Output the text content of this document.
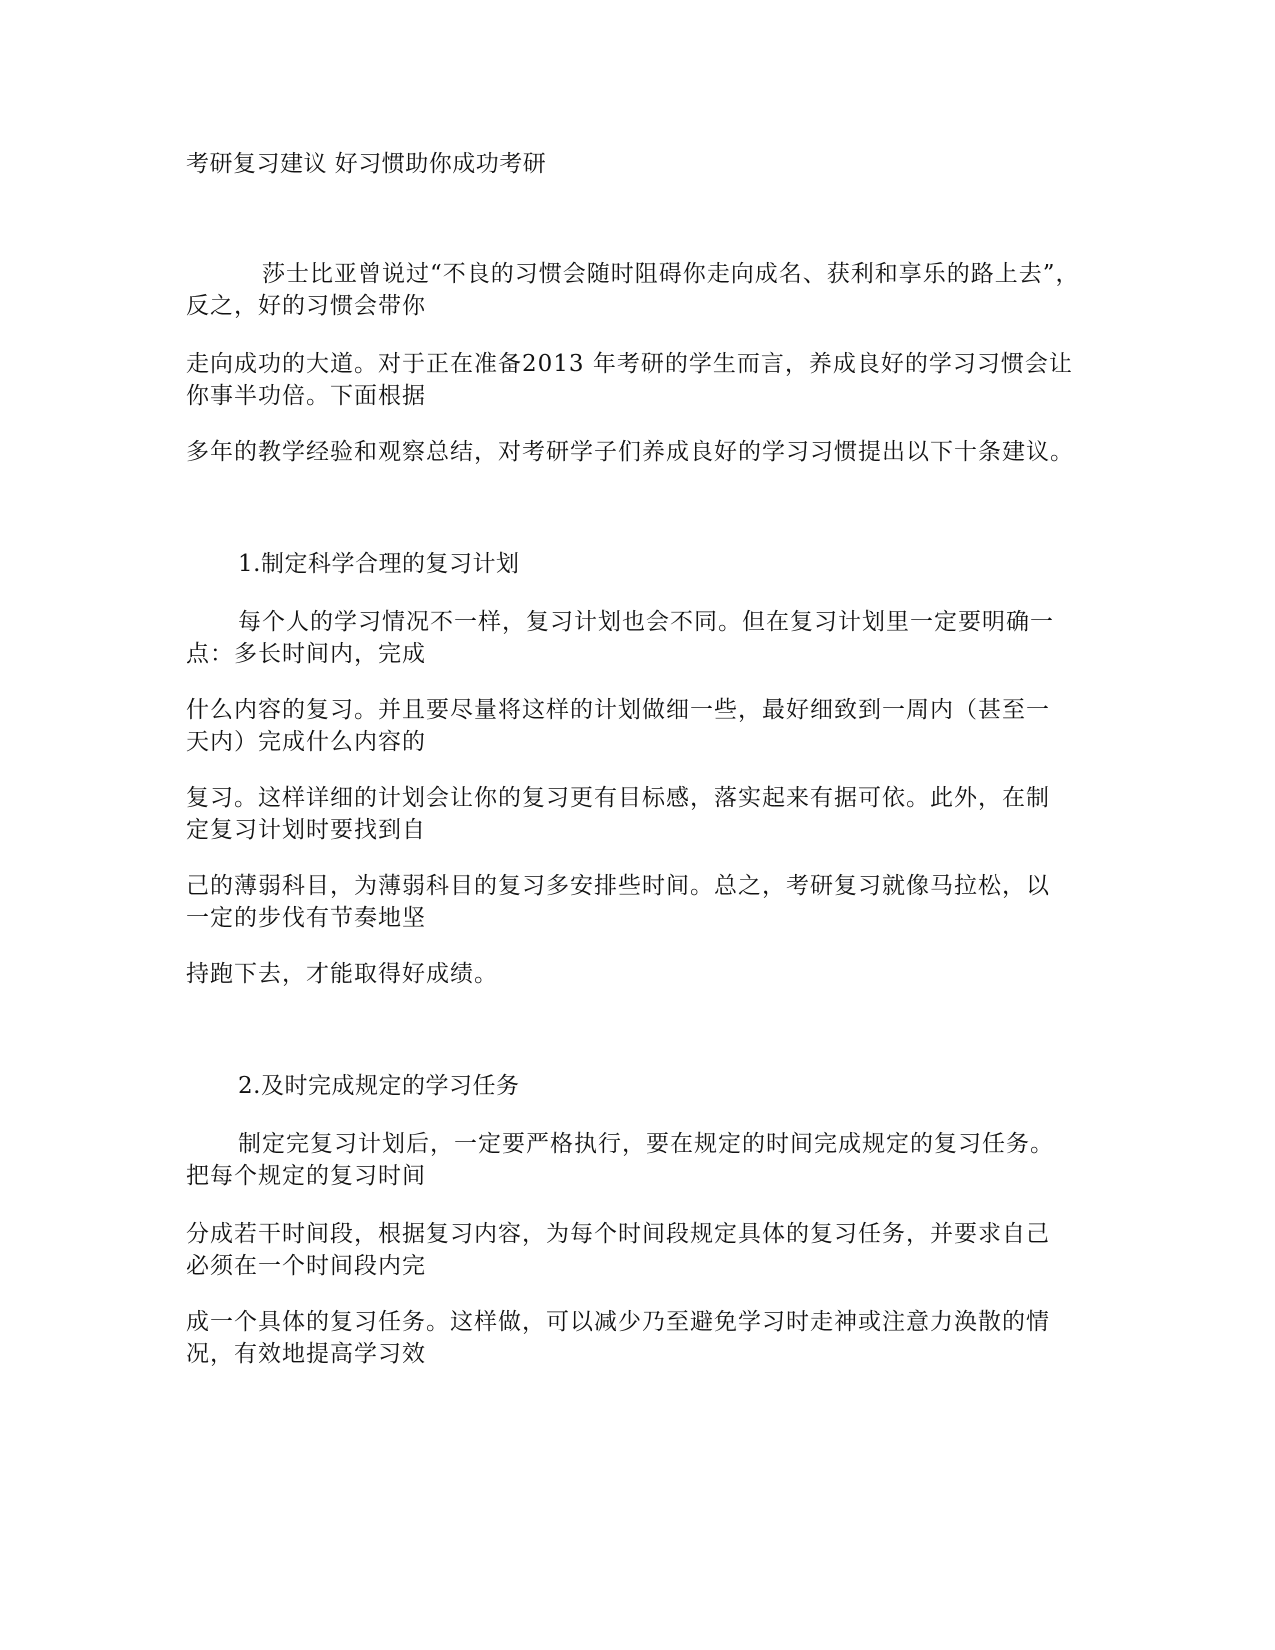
考研复习建议 好习惯助你成功考研
莎士比亚曾说过“不良的习惯会随时阻碍你走向成名、获利和享乐的路上去”，
反之，好的习惯会带你
走向成功的大道。对于正在准备2013 年考研的学生而言，养成良好的学习习惯会让
你事半功倍。下面根据
多年的教学经验和观察总结，对考研学子们养成良好的学习习惯提出以下十条建议。
1.制定科学合理的复习计划
每个人的学习情况不一样，复习计划也会不同。但在复习计划里一定要明确一
点：多长时间内，完成
什么内容的复习。并且要尽量将这样的计划做细一些，最好细致到一周内（甚至一
天内）完成什么内容的
复习。这样详细的计划会让你的复习更有目标感，落实起来有据可依。此外，在制
定复习计划时要找到自
己的薄弱科目，为薄弱科目的复习多安排些时间。总之，考研复习就像马拉松，以
一定的步伐有节奏地坚
持跑下去，才能取得好成绩。
2.及时完成规定的学习任务
制定完复习计划后，一定要严格执行，要在规定的时间完成规定的复习任务。
把每个规定的复习时间
分成若干时间段，根据复习内容，为每个时间段规定具体的复习任务，并要求自己
必须在一个时间段内完
成一个具体的复习任务。这样做，可以减少乃至避免学习时走神或注意力涣散的情
况，有效地提高学习效
